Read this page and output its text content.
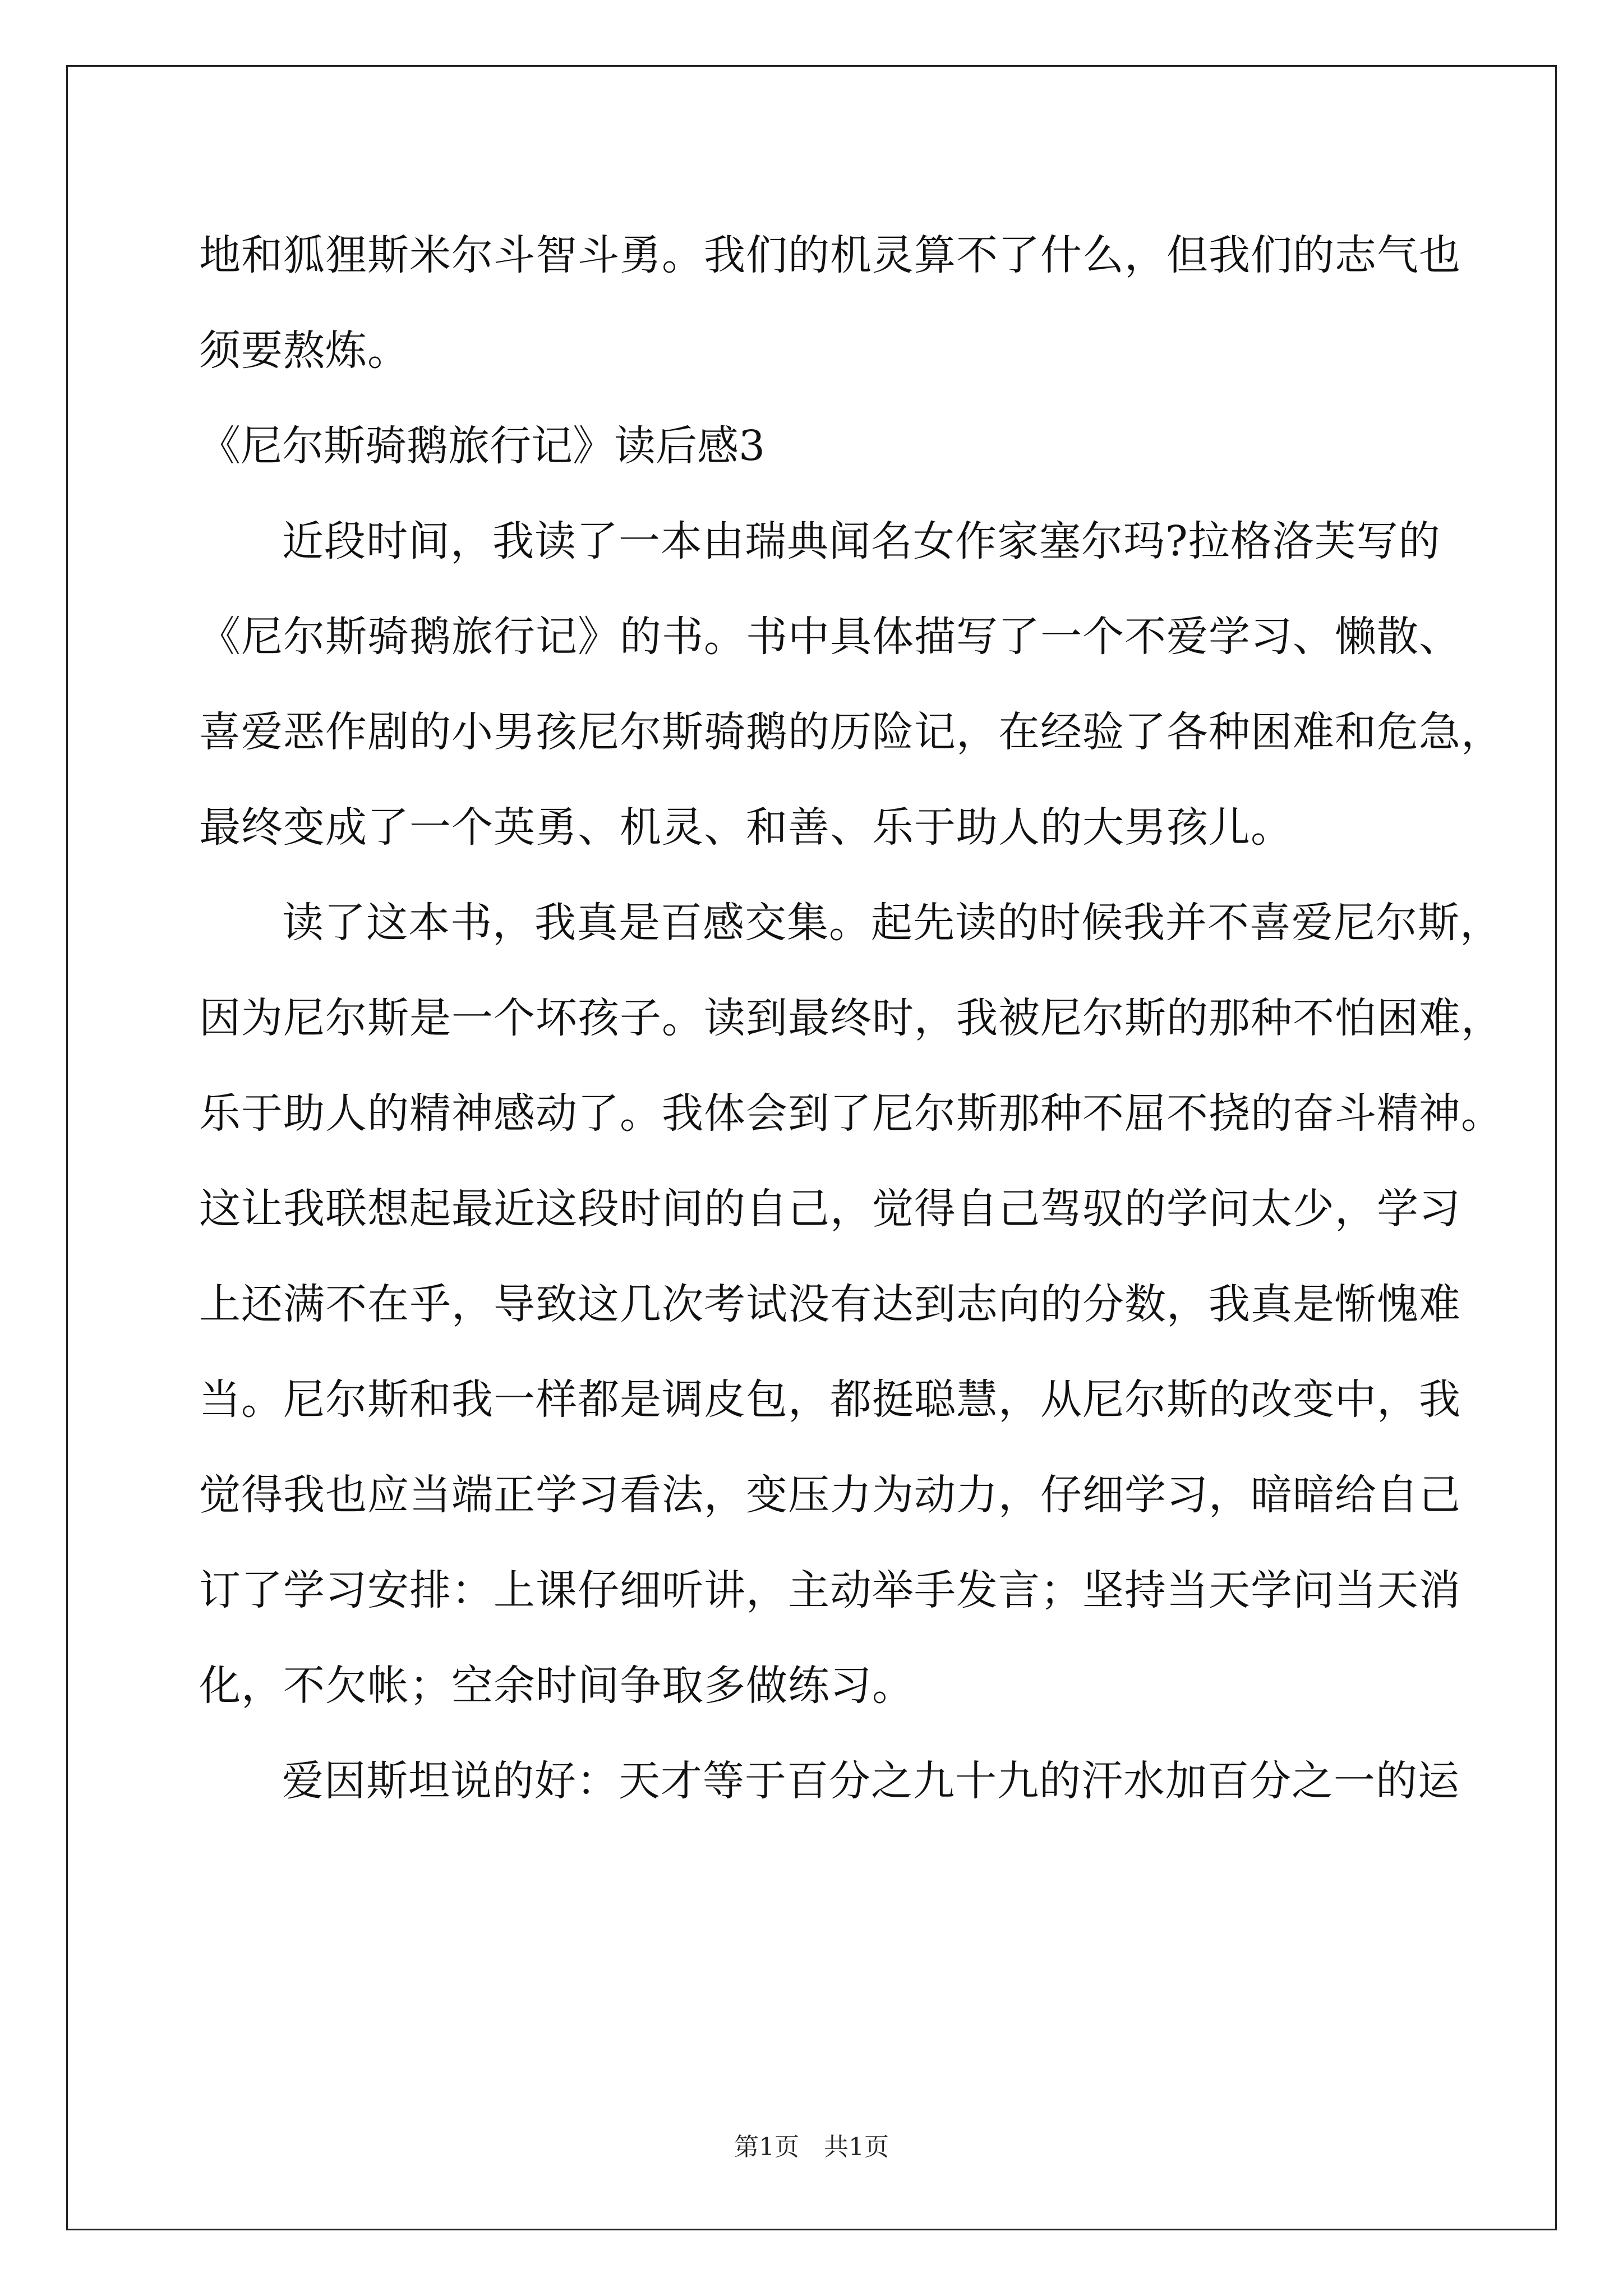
地和狐狸斯米尔斗智斗勇。我们的机灵算不了什么，但我们的志气也
须要熬炼。
《尼尔斯骑鹅旅行记》读后感3
近段时间，我读了一本由瑞典闻名女作家塞尔玛?拉格洛芙写的
《尼尔斯骑鹅旅行记》的书。书中具体描写了一个不爱学习、懒散、
喜爱恶作剧的小男孩尼尔斯骑鹅的历险记，在经验了各种困难和危急，
最终变成了一个英勇、机灵、和善、乐于助人的大男孩儿。
读了这本书，我真是百感交集。起先读的时候我并不喜爱尼尔斯，
因为尼尔斯是一个坏孩子。读到最终时，我被尼尔斯的那种不怕困难，
乐于助人的精神感动了。我体会到了尼尔斯那种不屈不挠的奋斗精神。
这让我联想起最近这段时间的自己，觉得自己驾驭的学问太少，学习
上还满不在乎，导致这几次考试没有达到志向的分数，我真是惭愧难
当。尼尔斯和我一样都是调皮包，都挺聪慧，从尼尔斯的改变中，我
觉得我也应当端正学习看法，变压力为动力，仔细学习，暗暗给自己
订了学习安排：上课仔细听讲，主动举手发言；坚持当天学问当天消
化，不欠帐；空余时间争取多做练习。
爱因斯坦说的好：天才等于百分之九十九的汗水加百分之一的运
第1页　共1页
